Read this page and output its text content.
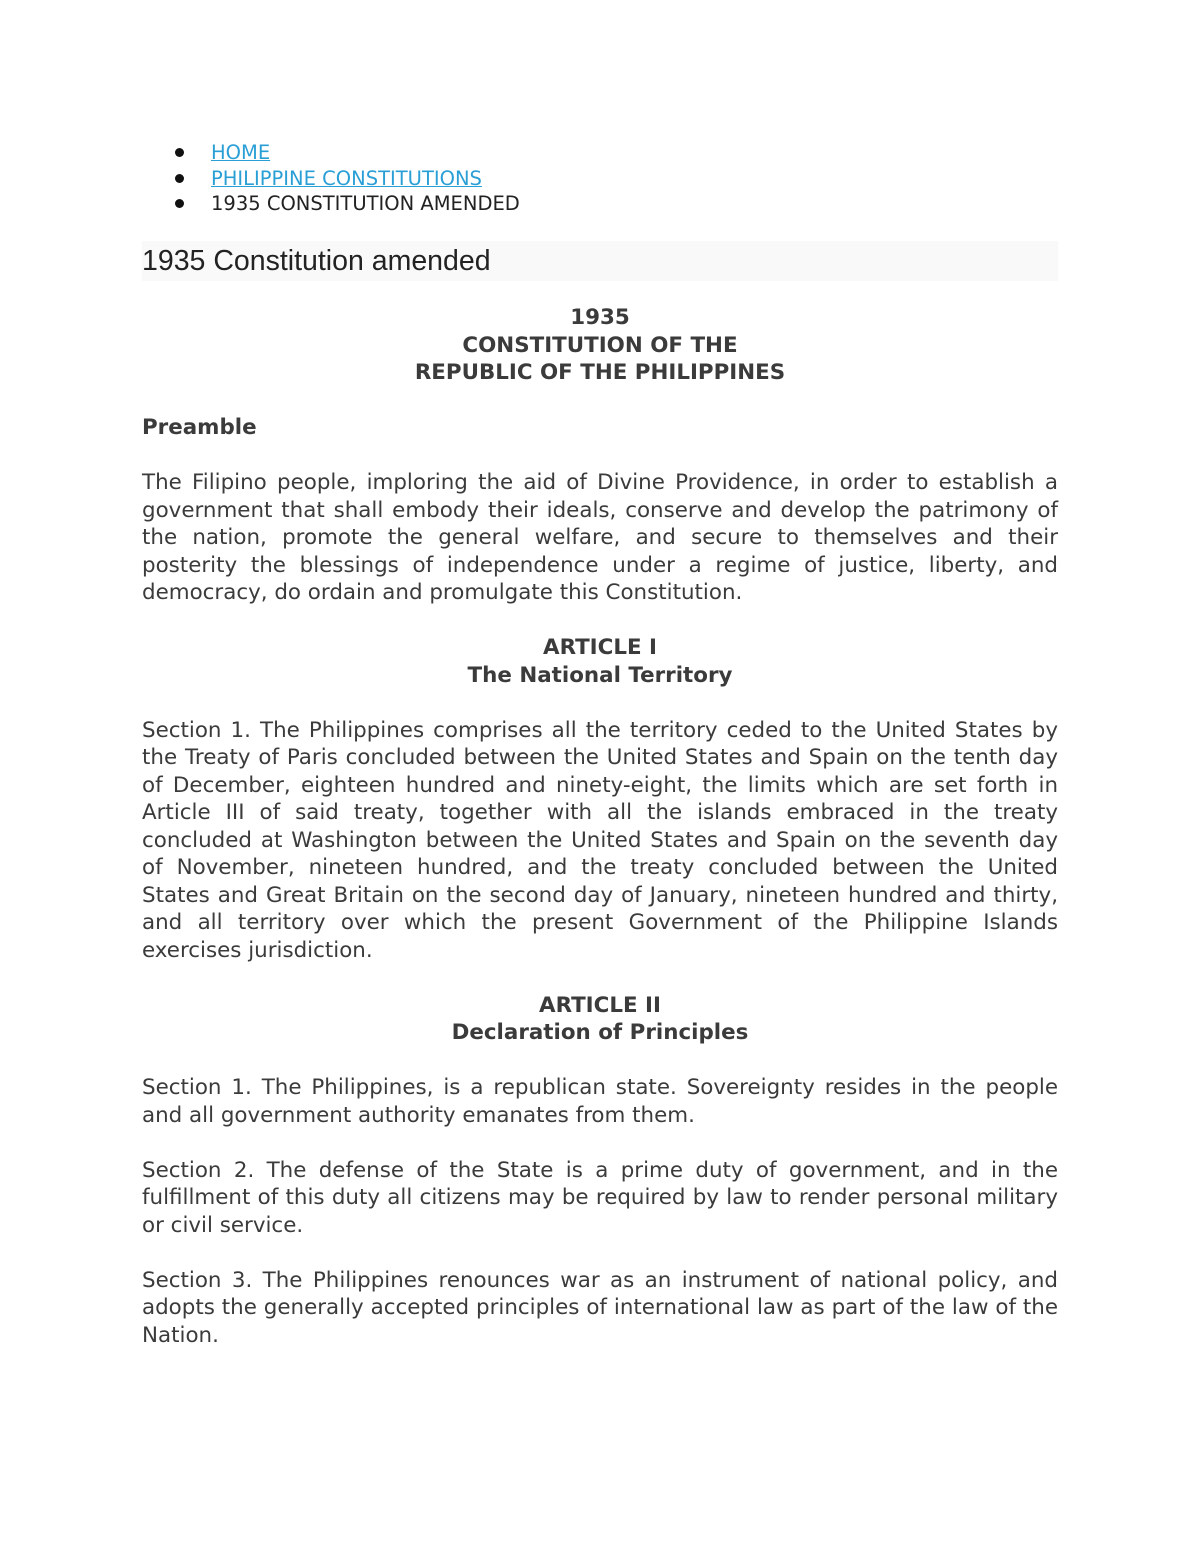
HOME
PHILIPPINE CONSTITUTIONS
1935 CONSTITUTION AMENDED
1935 Constitution amended

1935

CONSTITUTION OF THE

REPUBLIC OF THE PHILIPPINES

Preamble

The Filipino people, imploring the aid of Divine Providence, in order to establish a government that shall embody their ideals, conserve and develop the patrimony of the nation, promote the general welfare, and secure to themselves and their posterity the blessings of independence under a regime of justice, liberty, and democracy, do ordain and promulgate this Constitution.

ARTICLE I

The National Territory

Section 1. The Philippines comprises all the territory ceded to the United States by the Treaty of Paris concluded between the United States and Spain on the tenth day of December, eighteen hundred and ninety-eight, the limits which are set forth in Article III of said treaty, together with all the islands embraced in the treaty concluded at Washington between the United States and Spain on the seventh day of November, nineteen hundred, and the treaty concluded between the United States and Great Britain on the second day of January, nineteen hundred and thirty, and all territory over which the present Government of the Philippine Islands exercises jurisdiction.

ARTICLE II

Declaration of Principles

Section 1. The Philippines, is a republican state. Sovereignty resides in the people and all government authority emanates from them.

Section 2. The defense of the State is a prime duty of government, and in the fulfillment of this duty all citizens may be required by law to render personal military or civil service.

Section 3. The Philippines renounces war as an instrument of national policy, and adopts the generally accepted principles of international law as part of the law of the Nation.
